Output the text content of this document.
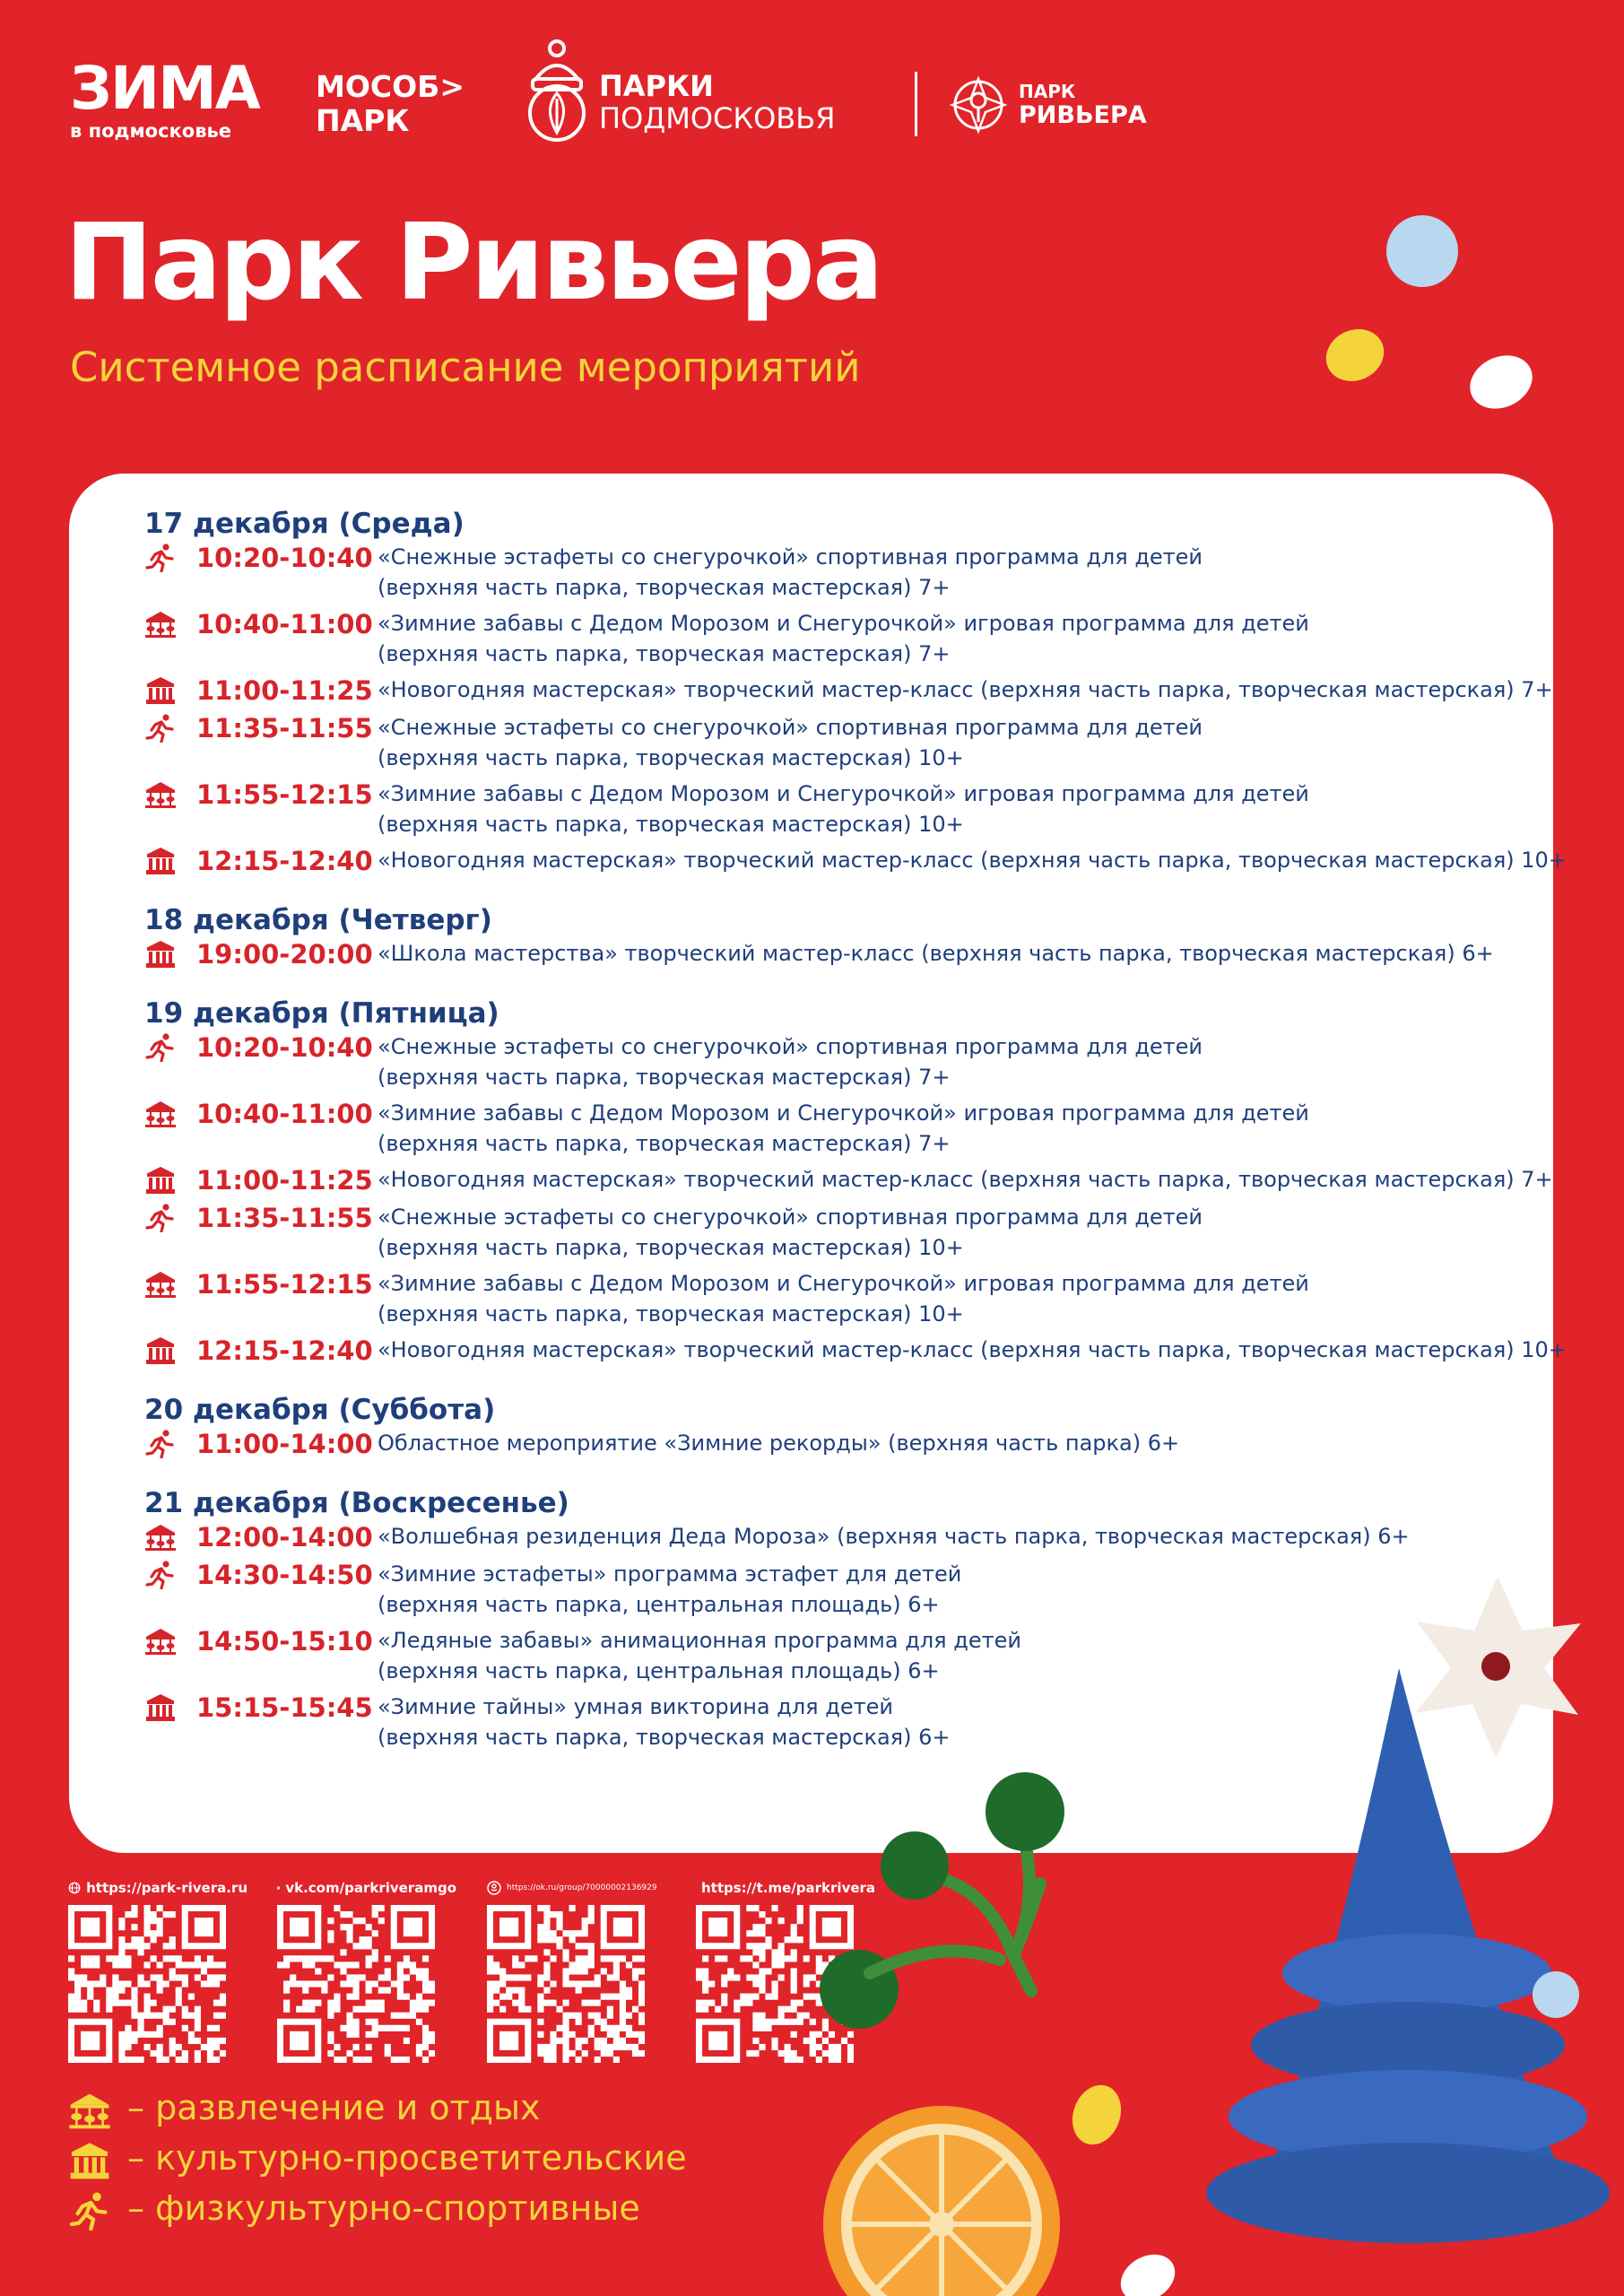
ЗИМА
в подмосковье
МОСОБ>
ПАРК
ПАРКИ
ПОДМОСКОВЬЯ
ПАРК
РИВЬЕРА
Парк Ривьера
Системное расписание мероприятий
17 декабря (Среда)
10:20-10:40 «Снежные эстафеты со снегурочкой» спортивная программа для детей
(верхняя часть парка, творческая мастерская) 7+
10:40-11:00 «Зимние забавы с Дедом Морозом и Снегурочкой» игровая программа для детей
(верхняя часть парка, творческая мастерская) 7+
11:00-11:25 «Новогодняя мастерская» творческий мастер-класс (верхняя часть парка, творческая мастерская) 7+
11:35-11:55 «Снежные эстафеты со снегурочкой» спортивная программа для детей
(верхняя часть парка, творческая мастерская) 10+
11:55-12:15 «Зимние забавы с Дедом Морозом и Снегурочкой» игровая программа для детей
(верхняя часть парка, творческая мастерская) 10+
12:15-12:40 «Новогодняя мастерская» творческий мастер-класс (верхняя часть парка, творческая мастерская) 10+
18 декабря (Четверг)
19:00-20:00 «Школа мастерства» творческий мастер-класс (верхняя часть парка, творческая мастерская) 6+
19 декабря (Пятница)
10:20-10:40 «Снежные эстафеты со снегурочкой» спортивная программа для детей
(верхняя часть парка, творческая мастерская) 7+
10:40-11:00 «Зимние забавы с Дедом Морозом и Снегурочкой» игровая программа для детей
(верхняя часть парка, творческая мастерская) 7+
11:00-11:25 «Новогодняя мастерская» творческий мастер-класс (верхняя часть парка, творческая мастерская) 7+
11:35-11:55 «Снежные эстафеты со снегурочкой» спортивная программа для детей
(верхняя часть парка, творческая мастерская) 10+
11:55-12:15 «Зимние забавы с Дедом Морозом и Снегурочкой» игровая программа для детей
(верхняя часть парка, творческая мастерская) 10+
12:15-12:40 «Новогодняя мастерская» творческий мастер-класс (верхняя часть парка, творческая мастерская) 10+
20 декабря (Суббота)
11:00-14:00 Областное мероприятие «Зимние рекорды» (верхняя часть парка) 6+
21 декабря (Воскресенье)
12:00-14:00 «Волшебная резиденция Деда Мороза» (верхняя часть парка, творческая мастерская) 6+
14:30-14:50 «Зимние эстафеты» программа эстафет для детей
(верхняя часть парка, центральная площадь) 6+
14:50-15:10 «Ледяные забавы» анимационная программа для детей
(верхняя часть парка, центральная площадь) 6+
15:15-15:45 «Зимние тайны» умная викторина для детей
(верхняя часть парка, творческая мастерская) 6+
https://park-rivera.ru	vk vk.com/parkriveramgo	https://ok.ru/group/70000002136929	https://t.me/parkrivera
– развлечение и отдых
– культурно-просветительские
– физкультурно-спортивные
